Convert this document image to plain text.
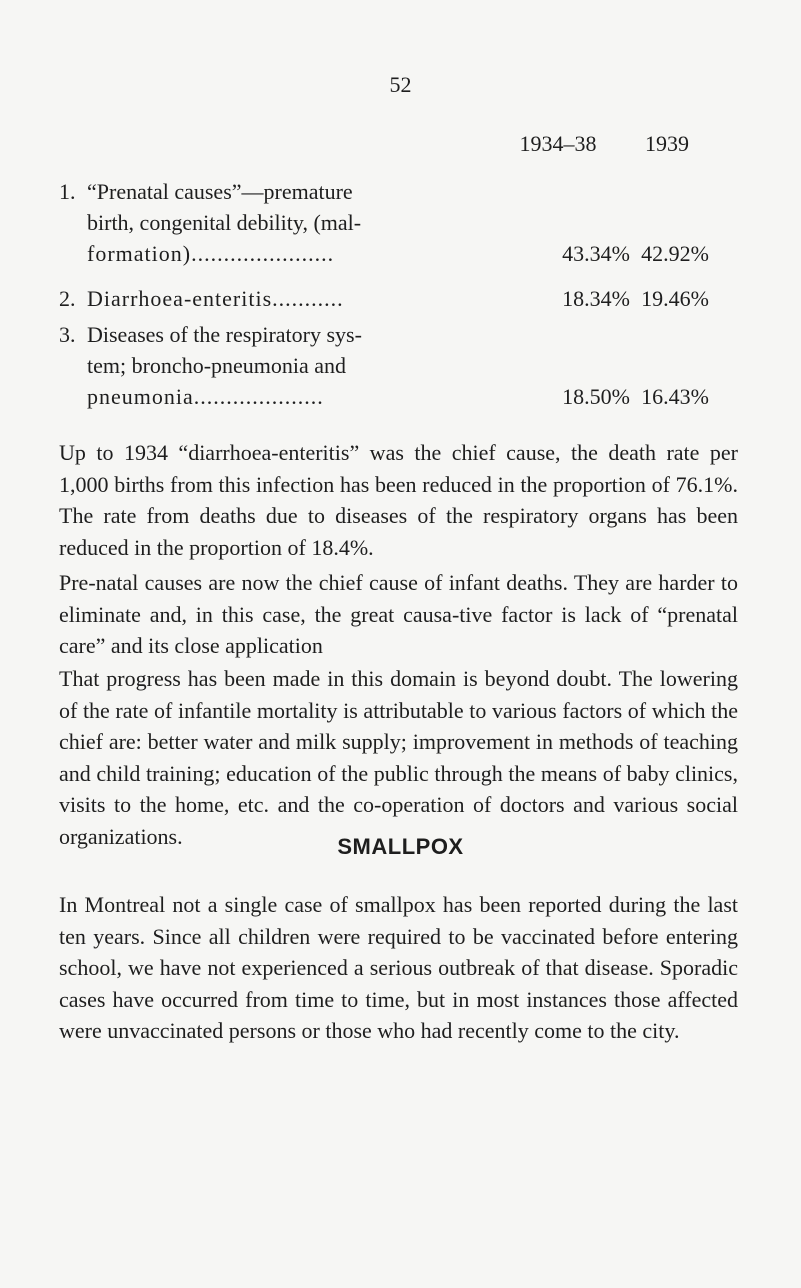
52
1934–38 1939
1. “Prenatal causes”—premature
birth, congenital debility, (mal-
formation)......................	43.34% 42.92%
2. Diarrhoea-enteritis...........	18.34% 19.46%
3. Diseases of the respiratory sys-
tem; broncho-pneumonia and
pneumonia....................	18.50% 16.43%

Up to 1934 “diarrhoea-enteritis” was the chief cause, the death rate per 1,000 births from this infection has been reduced in the proportion of 76.1%. The rate from deaths due to diseases of the respiratory organs has been reduced in the proportion of 18.4%.

Pre-natal causes are now the chief cause of infant deaths. They are harder to eliminate and, in this case, the great causa-tive factor is lack of “prenatal care” and its close application

That progress has been made in this domain is beyond doubt. The lowering of the rate of infantile mortality is attributable to various factors of which the chief are: better water and milk supply; improvement in methods of teaching and child training; education of the public through the means of baby clinics, visits to the home, etc. and the co-operation of doctors and various social organizations.	SMALLPOX

In Montreal not a single case of smallpox has been reported during the last ten years. Since all children were required to be vaccinated before entering school, we have not experienced a serious outbreak of that disease. Sporadic cases have occurred from time to time, but in most instances those affected were unvaccinated persons or those who had recently come to the city.
